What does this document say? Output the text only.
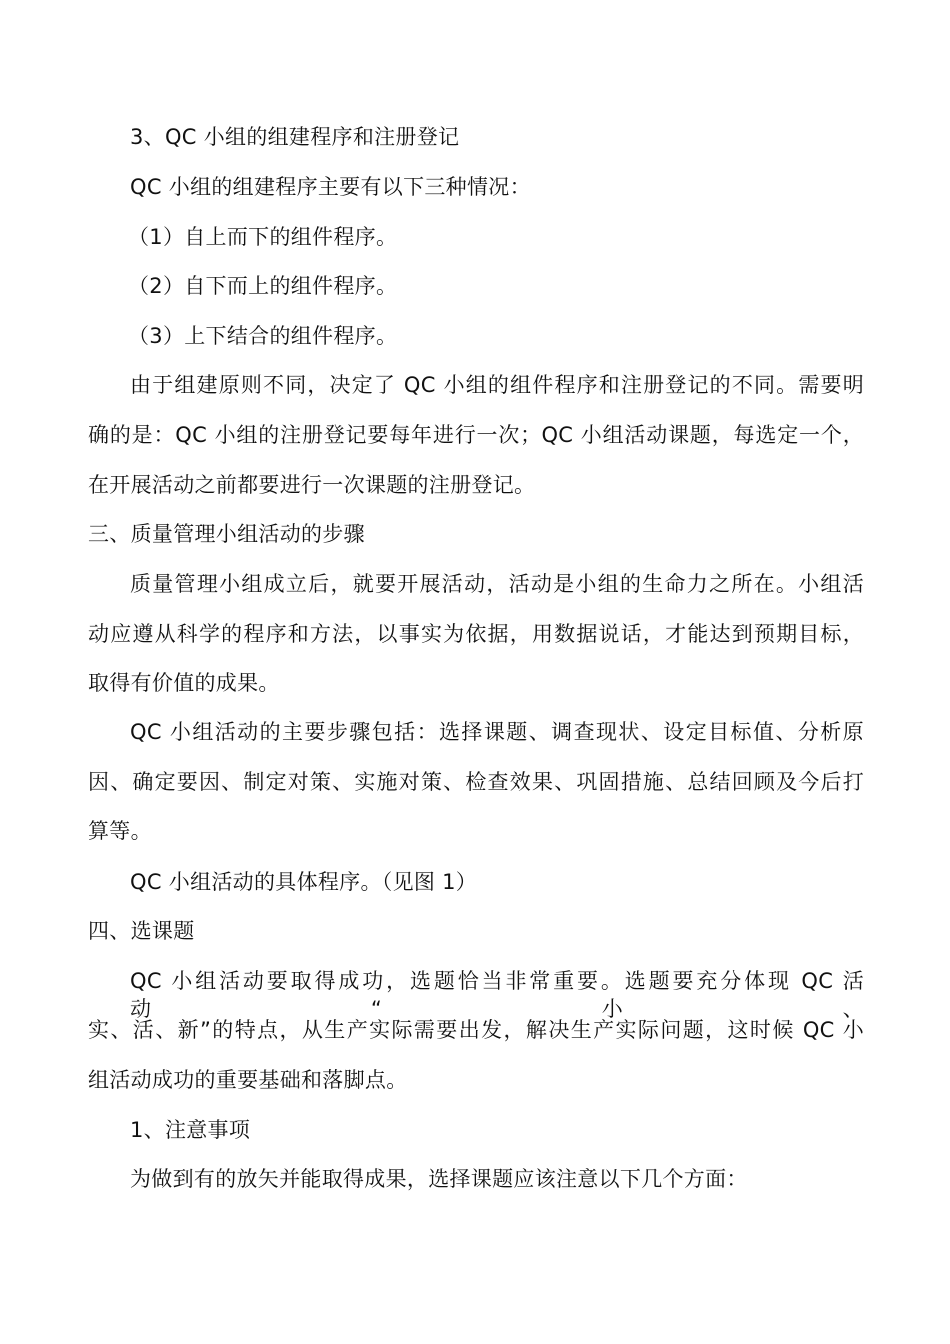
3、QC 小组的组建程序和注册登记
QC 小组的组建程序主要有以下三种情况：
（1）自上而下的组件程序。
（2）自下而上的组件程序。
（3）上下结合的组件程序。
由于组建原则不同，决定了 QC 小组的组件程序和注册登记的不同。需要明
确的是：QC 小组的注册登记要每年进行一次；QC 小组活动课题，每选定一个，
在开展活动之前都要进行一次课题的注册登记。
三、质量管理小组活动的步骤
质量管理小组成立后，就要开展活动，活动是小组的生命力之所在。小组活
动应遵从科学的程序和方法，以事实为依据，用数据说话，才能达到预期目标，
取得有价值的成果。
QC 小组活动的主要步骤包括：选择课题、调查现状、设定目标值、分析原
因、确定要因、制定对策、实施对策、检查效果、巩固措施、总结回顾及今后打
算等。
QC 小组活动的具体程序。（见图 1）
四、选课题
QC 小组活动要取得成功，选题恰当非常重要。选题要充分体现 QC 活动“小、
实、活、新”的特点，从生产实际需要出发，解决生产实际问题，这时候 QC 小
组活动成功的重要基础和落脚点。
1、注意事项
为做到有的放矢并能取得成果，选择课题应该注意以下几个方面：
